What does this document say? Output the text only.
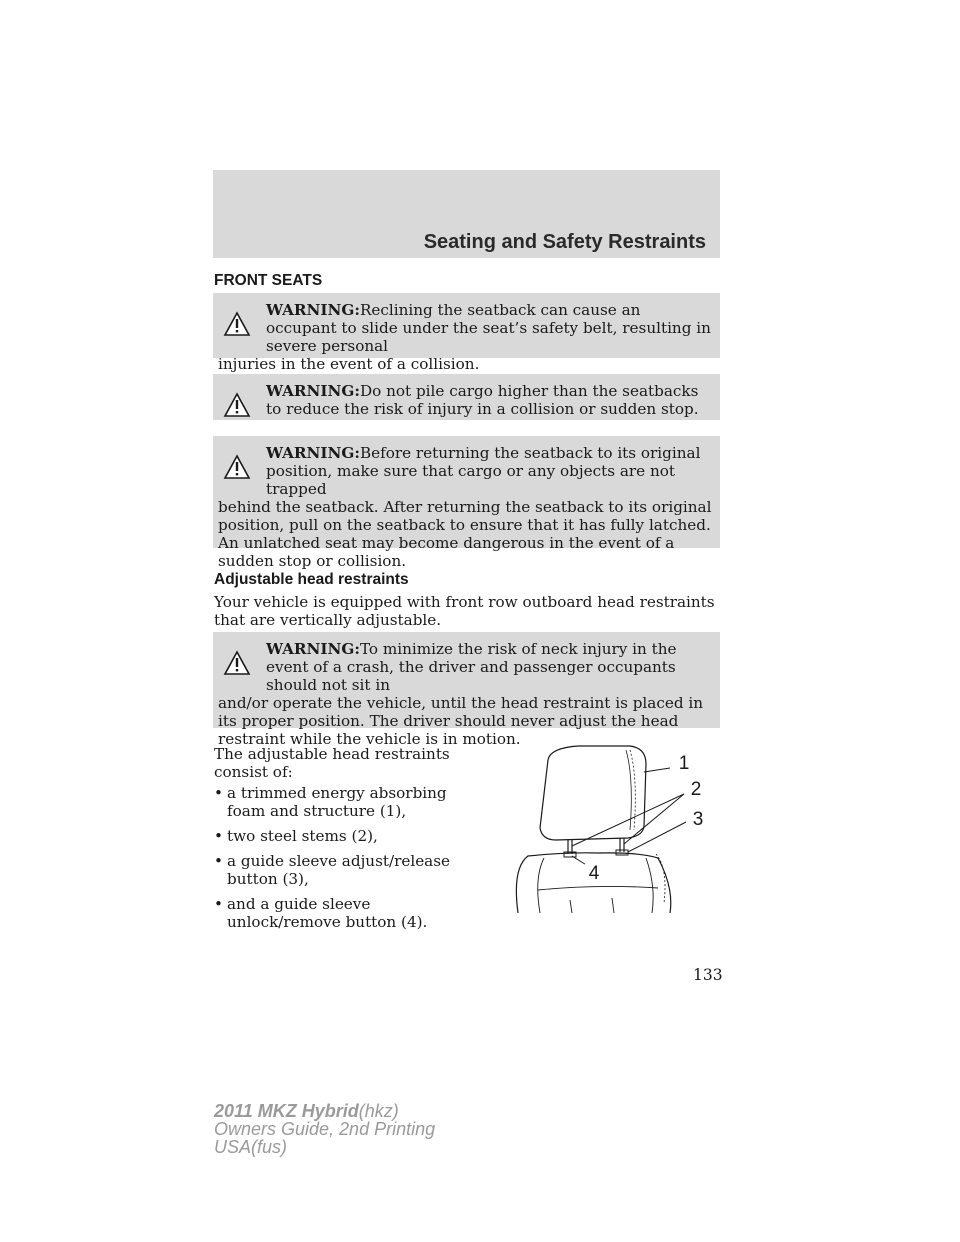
Seating and Safety Restraints
FRONT SEATS
WARNING:Reclining the seatback can cause an occupant to slide under the seat’s safety belt, resulting in severe personal
injuries in the event of a collision.
WARNING:Do not pile cargo higher than the seatbacks to reduce the risk of injury in a collision or sudden stop.
WARNING:Before returning the seatback to its original position, make sure that cargo or any objects are not trapped
behind the seatback. After returning the seatback to its original position, pull on the seatback to ensure that it has fully latched. An unlatched seat may become dangerous in the event of a sudden stop or collision.
Adjustable head restraints
Your vehicle is equipped with front row outboard head restraints that are vertically adjustable.
WARNING:To minimize the risk of neck injury in the event of a crash, the driver and passenger occupants should not sit in
and/or operate the vehicle, until the head restraint is placed in its proper position. The driver should never adjust the head restraint while the vehicle is in motion.
The adjustable head restraints consist of:
• a trimmed energy absorbing foam and structure (1),
• two steel stems (2),
• a guide sleeve adjust/release button (3),
• and a guide sleeve unlock/remove button (4).
1
2
3
4
133
2011 MKZ Hybrid(hkz)
Owners Guide, 2nd Printing
USA(fus)
